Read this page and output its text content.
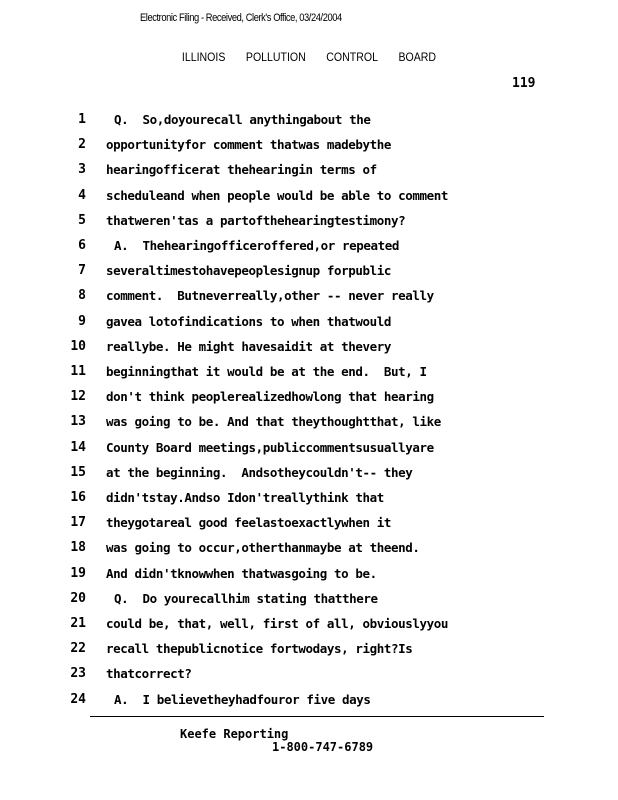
Electronic Filing - Received, Clerk's Office, 03/24/2004
ILLINOIS POLLUTION CONTROL BOARD
119
1 Q.  So,doyourecall anythingabout the
2 opportunityfor comment thatwas madebythe
3 hearingofficerat thehearingin terms of
4 scheduleand when people would be able to comment
5 thatweren'tas a partofthehearingtestimony?
6 A.  Thehearingofficeroffered,or repeated
7 severaltimestohavepeoplesignup forpublic
8 comment.  Butneverreally,other -- never really
9 gavea lotofindications to when thatwould
10 reallybe. He might havesaidit at thevery
11 beginningthat it would be at the end.  But, I
12 don't think peoplerealizedhowlong that hearing
13 was going to be. And that theythoughtthat, like
14 County Board meetings,publiccommentsusuallyare
15 at the beginning.  Andsotheycouldn't-- they
16 didn'tstay.Andso Idon'treallythink that
17 theygotareal good feelastoexactlywhen it
18 was going to occur,otherthanmaybe at theend.
19 And didn'tknowwhen thatwasgoing to be.
20 Q.  Do yourecallhim stating thatthere
21 could be, that, well, first of all, obviouslyyou
22 recall thepublicnotice fortwodays, right?Is
23 thatcorrect?
24 A.  I believetheyhadfouror five days
Keefe Reporting
1-800-747-6789
